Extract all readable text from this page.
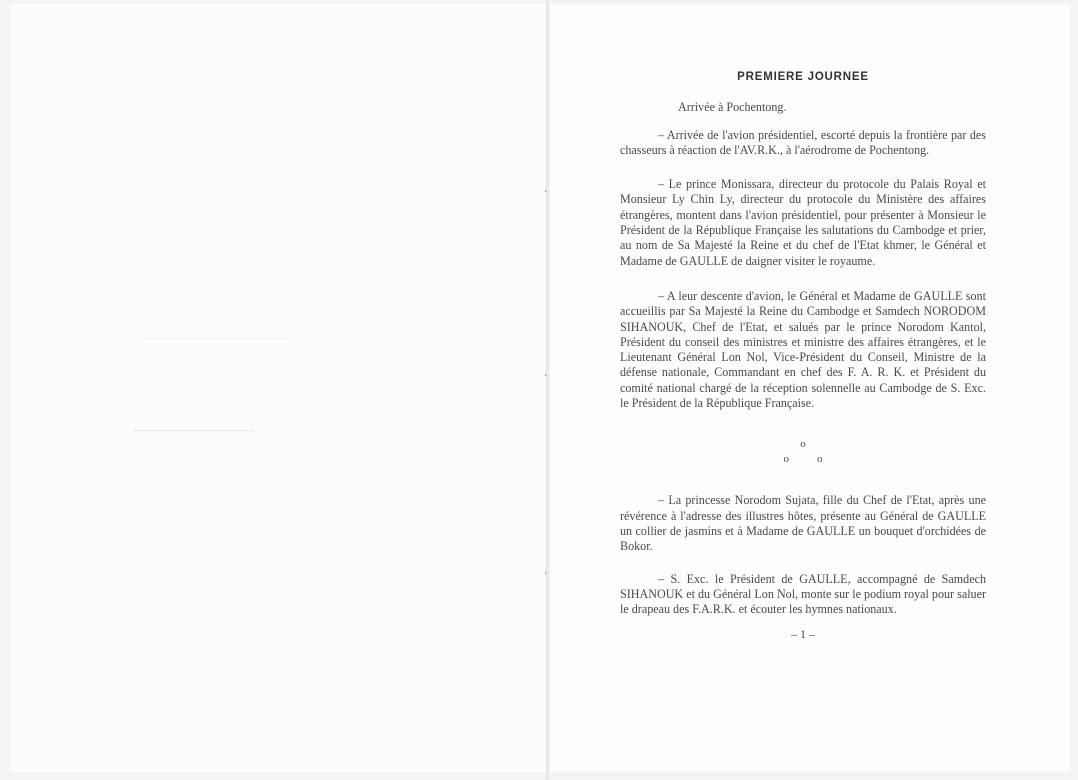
PREMIERE JOURNEE
Arrivée à Pochentong.

– Arrivée de l'avion présidentiel, escorté depuis la frontière par des chasseurs à réaction de l'AV.R.K., à l'aérodrome de Pochentong.

– Le prince Monissara, directeur du protocole du Palais Royal et Monsieur Ly Chin Ly, directeur du protocole du Ministère des affaires étrangères, montent dans l'avion présidentiel, pour présenter à Monsieur le Président de la République Française les salutations du Cambodge et prier, au nom de Sa Majesté la Reine et du chef de l'Etat khmer, le Général et Madame de GAULLE de daigner visiter le royaume.

– A leur descente d'avion, le Général et Madame de GAULLE sont accueillis par Sa Majesté la Reine du Cambodge et Samdech NORODOM SIHANOUK, Chef de l'Etat, et salués par le prince Norodom Kantol, Président du conseil des ministres et ministre des affaires étrangères, et le Lieutenant Général Lon Nol, Vice-Président du Conseil, Ministre de la défense nationale, Commandant en chef des F. A. R. K. et Président du comité national chargé de la réception solennelle au Cambodge de S. Exc. le Président de la République Française.

o
o	o

– La princesse Norodom Sujata, fille du Chef de l'Etat, après une révérence à l'adresse des illustres hôtes, présente au Général de GAULLE un collier de jasmins et à Madame de GAULLE un bouquet d'orchidées de Bokor.

– S. Exc. le Président de GAULLE, accompagné de Samdech SIHANOUK et du Général Lon Nol, monte sur le podium royal pour saluer le drapeau des F.A.R.K. et écouter les hymnes nationaux.

– 1 –
